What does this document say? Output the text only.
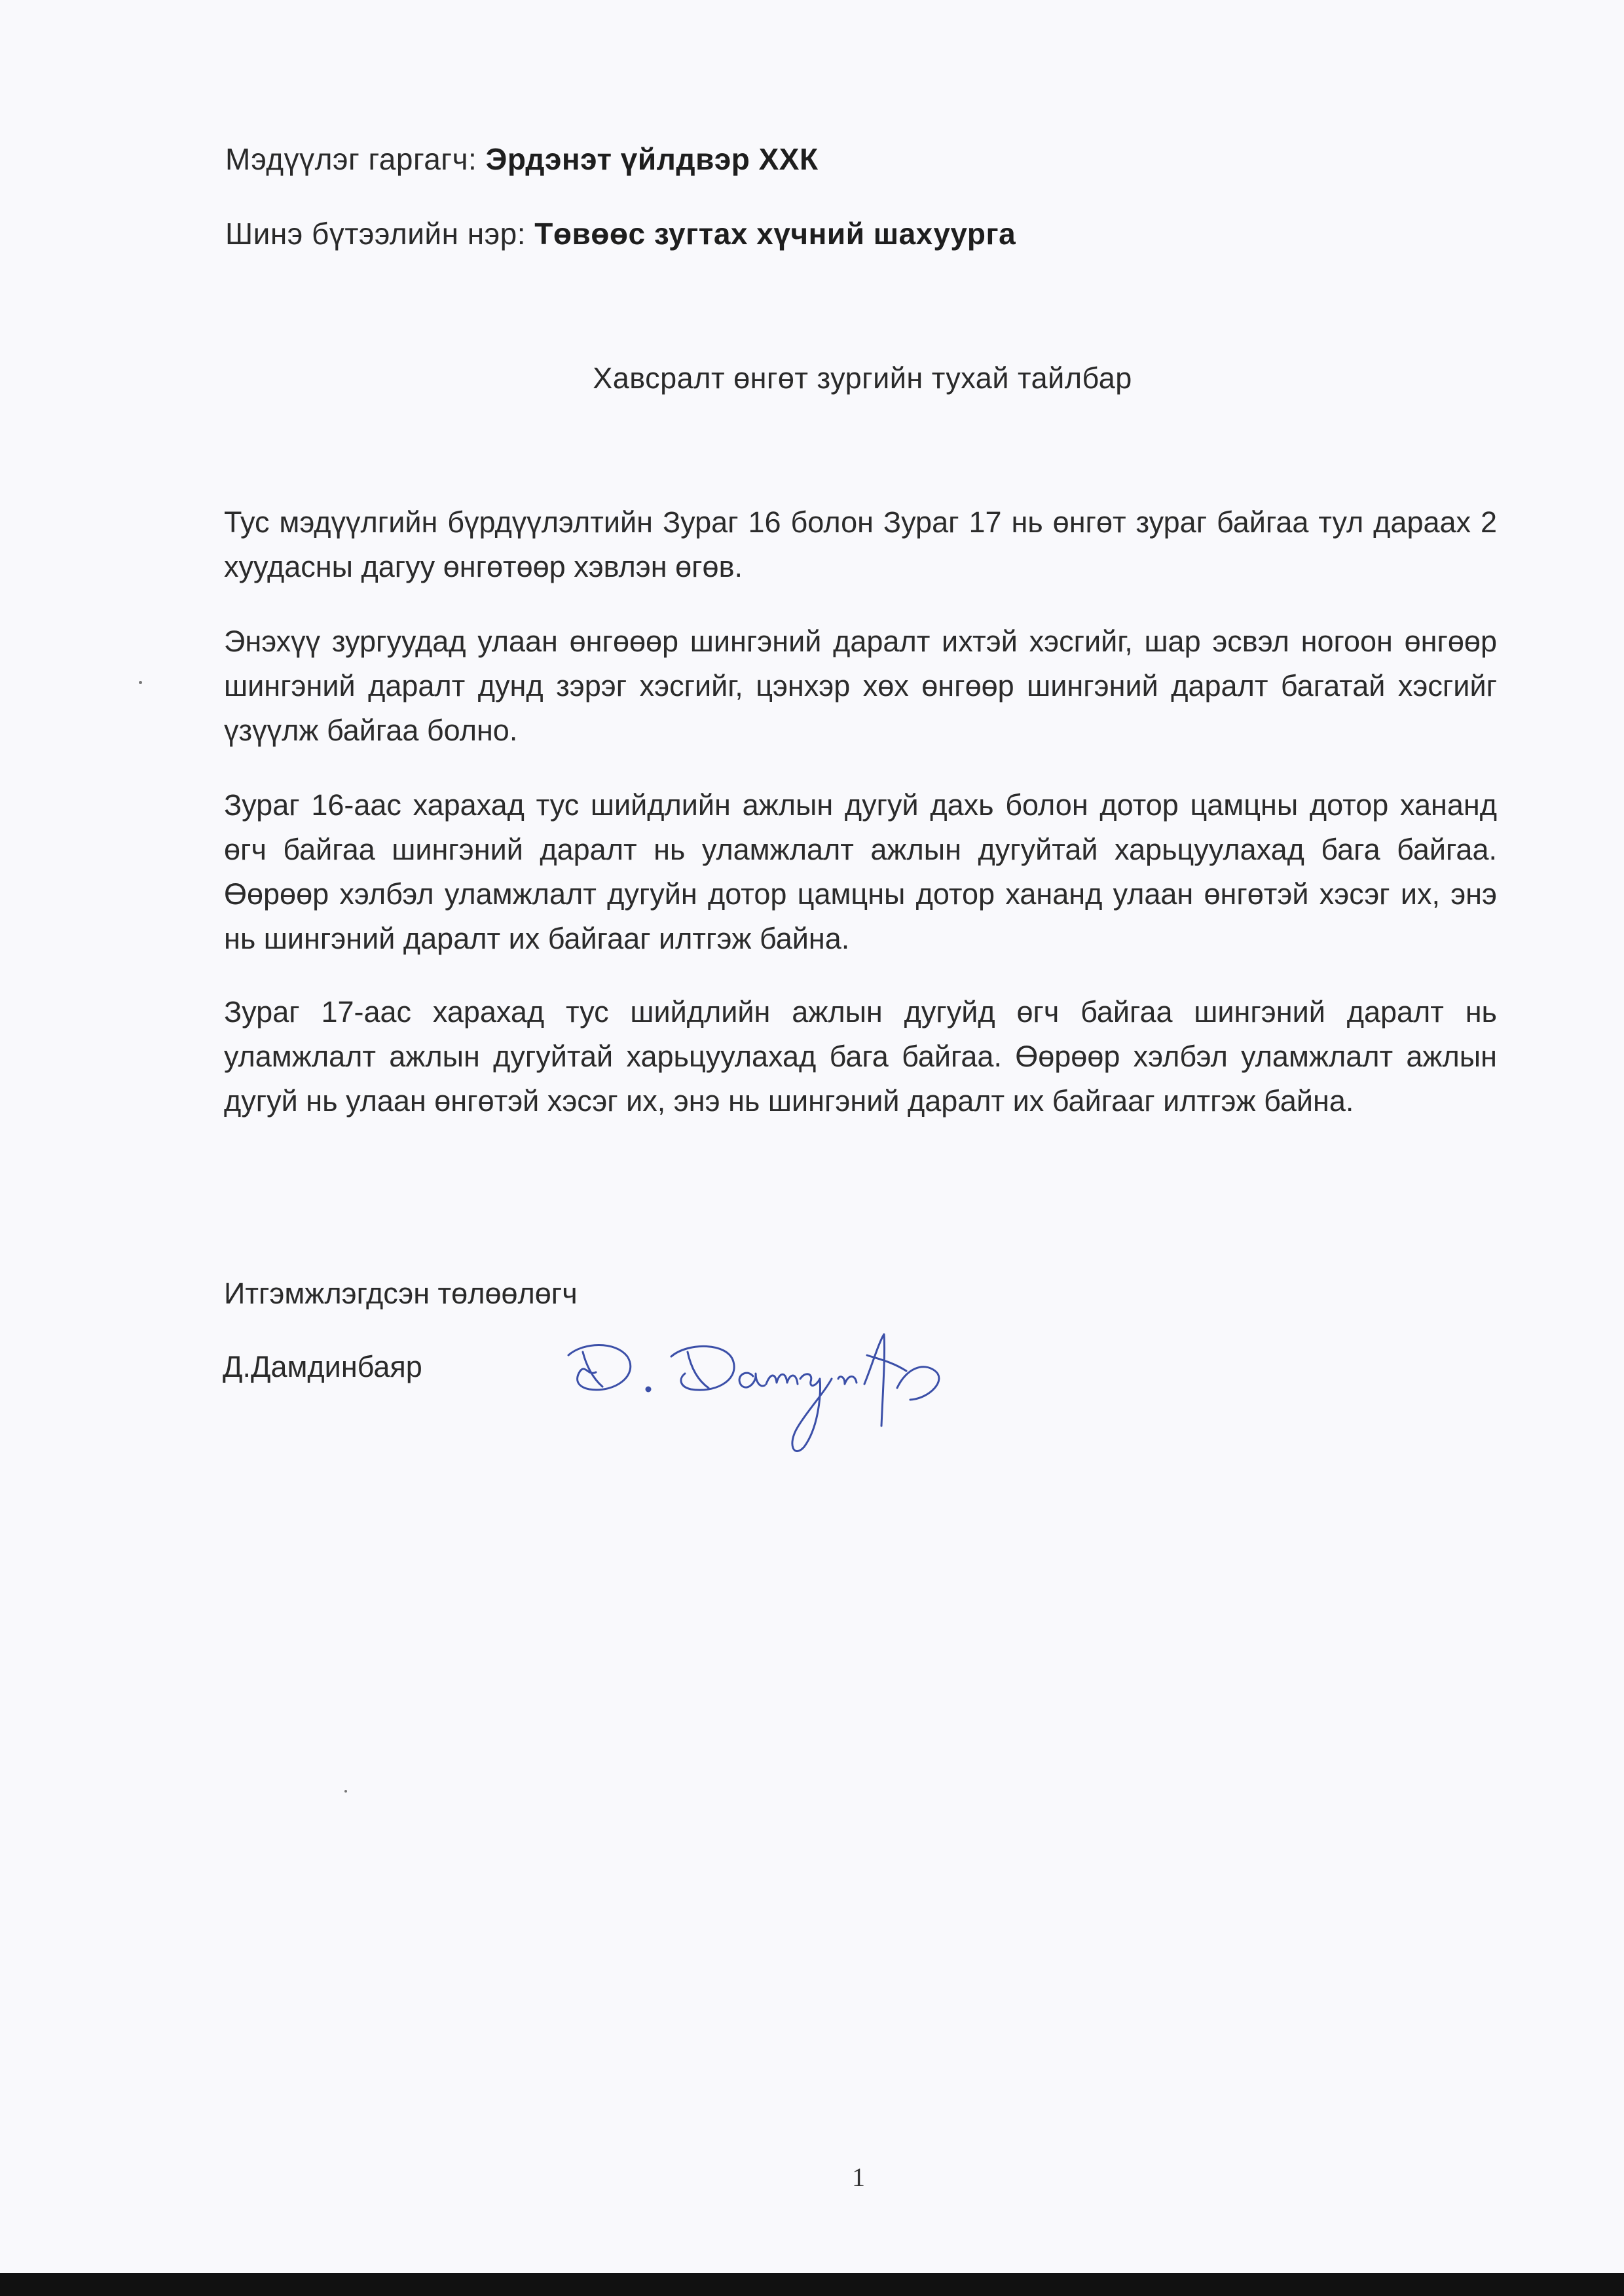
Мэдүүлэг гаргагч: Эрдэнэт үйлдвэр ХХК
Шинэ бүтээлийн нэр: Төвөөс зугтах хүчний шахуурга
Хавсралт өнгөт зургийн тухай тайлбар
Тус мэдүүлгийн бүрдүүлэлтийн Зураг 16 болон Зураг 17 нь өнгөт зураг байгаа тул дараах 2 хуудасны дагуу өнгөтөөр хэвлэн өгөв.
Энэхүү зургуудад улаан өнгөөөр шингэний даралт ихтэй хэсгийг, шар эсвэл ногоон өнгөөр шингэний даралт дунд зэрэг хэсгийг, цэнхэр хөх өнгөөр шингэний даралт багатай хэсгийг үзүүлж байгаа болно.
Зураг 16-аас харахад тус шийдлийн ажлын дугуй дахь болон дотор цамцны дотор хананд өгч байгаа шингэний даралт нь уламжлалт ажлын дугуйтай харьцуулахад бага байгаа. Өөрөөр хэлбэл уламжлалт дугуйн дотор цамцны дотор хананд улаан өнгөтэй хэсэг их, энэ нь шингэний даралт их байгааг илтгэж байна.
Зураг 17-аас харахад тус шийдлийн ажлын дугуйд өгч байгаа шингэний даралт нь уламжлалт ажлын дугуйтай харьцуулахад бага байгаа. Өөрөөр хэлбэл уламжлалт ажлын дугуй нь улаан өнгөтэй хэсэг их, энэ нь шингэний даралт их байгааг илтгэж байна.
Итгэмжлэгдсэн төлөөлөгч
Д.Дамдинбаяр
1
